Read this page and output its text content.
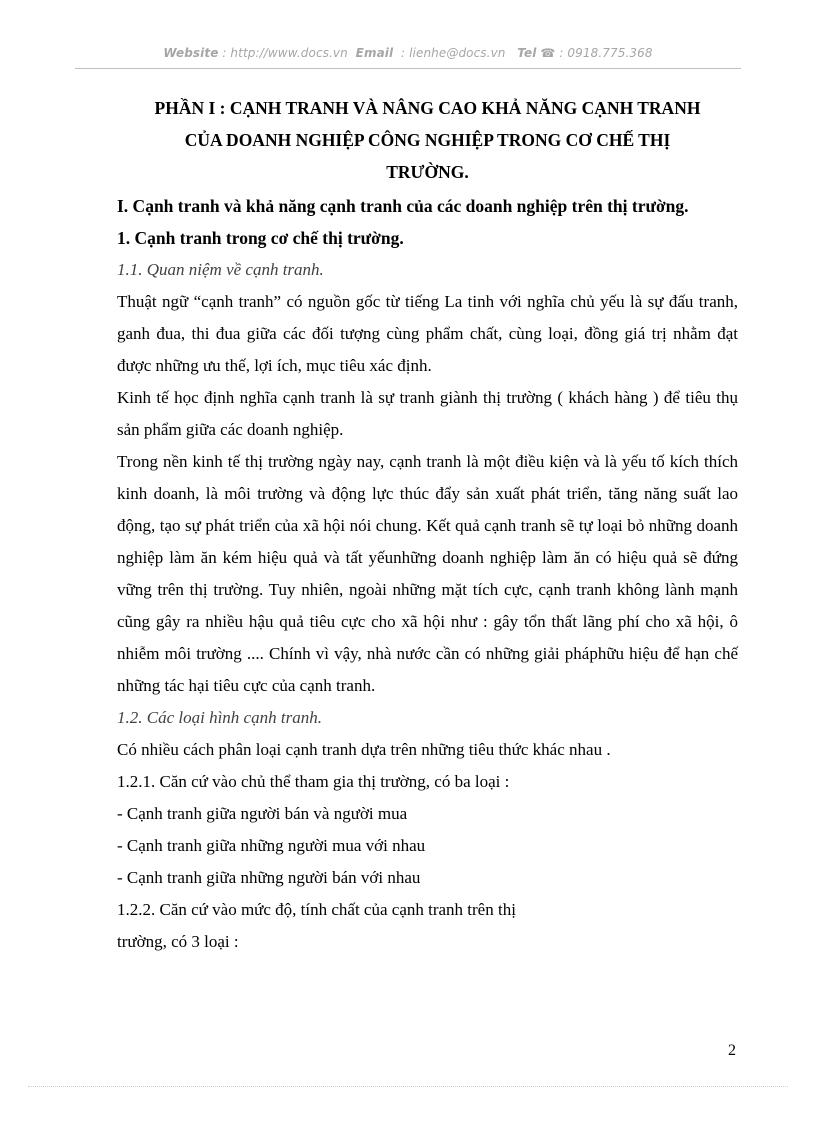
Website : http://www.docs.vn Email : lienhe@docs.vn Tel ☎ : 0918.775.368
PHẦN I : CẠNH TRANH VÀ NÂNG CAO KHẢ NĂNG CẠNH TRANH
CỦA DOANH NGHIỆP CÔNG NGHIỆP TRONG CƠ CHẾ THỊ
TRƯỜNG.

I. Cạnh tranh và khả năng cạnh tranh của các doanh nghiệp trên thị trường.

1. Cạnh tranh trong cơ chế thị trường.

1.1. Quan niệm về cạnh tranh.

Thuật ngữ “cạnh tranh” có nguồn gốc từ tiếng La tinh với nghĩa chủ yếu là sự đấu tranh, ganh đua, thi đua giữa các đối tượng cùng phẩm chất, cùng loại, đồng giá trị nhằm đạt được những ưu thế, lợi ích, mục tiêu xác định.

Kinh tế học định nghĩa cạnh tranh là sự tranh giành thị trường ( khách hàng ) để tiêu thụ sản phẩm giữa các doanh nghiệp.

Trong nền kinh tế thị trường ngày nay, cạnh tranh là một điều kiện và là yếu tố kích thích kinh doanh, là môi trường và động lực thúc đẩy sản xuất phát triển, tăng năng suất lao động, tạo sự phát triển của xã hội nói chung. Kết quả cạnh tranh sẽ tự loại bỏ những doanh nghiệp làm ăn kém hiệu quả và tất yếunhững doanh nghiệp làm ăn có hiệu quả sẽ đứng vững trên thị trường. Tuy nhiên, ngoài những mặt tích cực, cạnh tranh không lành mạnh cũng gây ra nhiều hậu quả tiêu cực cho xã hội như : gây tổn thất lãng phí cho xã hội, ô nhiễm môi trường .... Chính vì vậy, nhà nước cần có những giải pháphữu hiệu để hạn chế những tác hại tiêu cực của cạnh tranh.

1.2. Các loại hình cạnh tranh.

Có nhiều cách phân loại cạnh tranh dựa trên những tiêu thức khác nhau .

1.2.1. Căn cứ vào chủ thể tham gia thị trường, có ba loại :

- Cạnh tranh giữa người bán và người mua

- Cạnh tranh giữa những người mua với nhau

- Cạnh tranh giữa những người bán với nhau

1.2.2. Căn cứ vào mức độ, tính chất của cạnh tranh trên thị

trường, có 3 loại :

2
